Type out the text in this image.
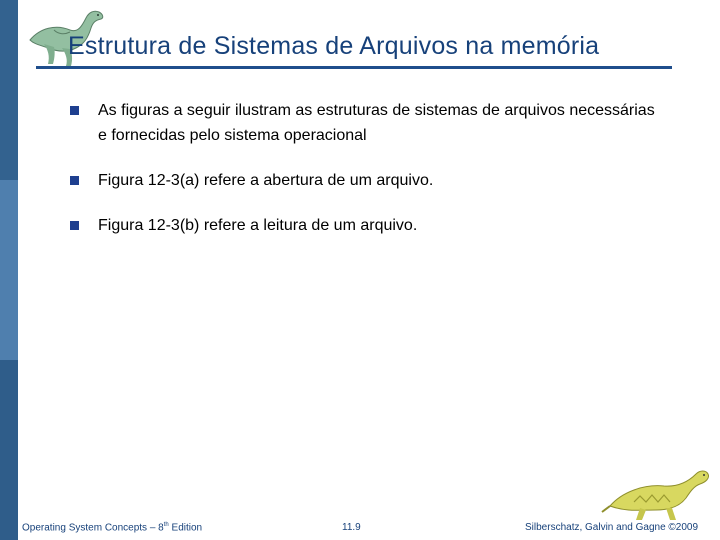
Estrutura de Sistemas de Arquivos na memória
As figuras a seguir ilustram as estruturas de sistemas de arquivos necessárias e fornecidas pelo sistema operacional
Figura 12-3(a) refere a abertura de um arquivo.
Figura 12-3(b) refere a leitura de um arquivo.
Operating System Concepts – 8th Edition	11.9	Silberschatz, Galvin and Gagne ©2009
